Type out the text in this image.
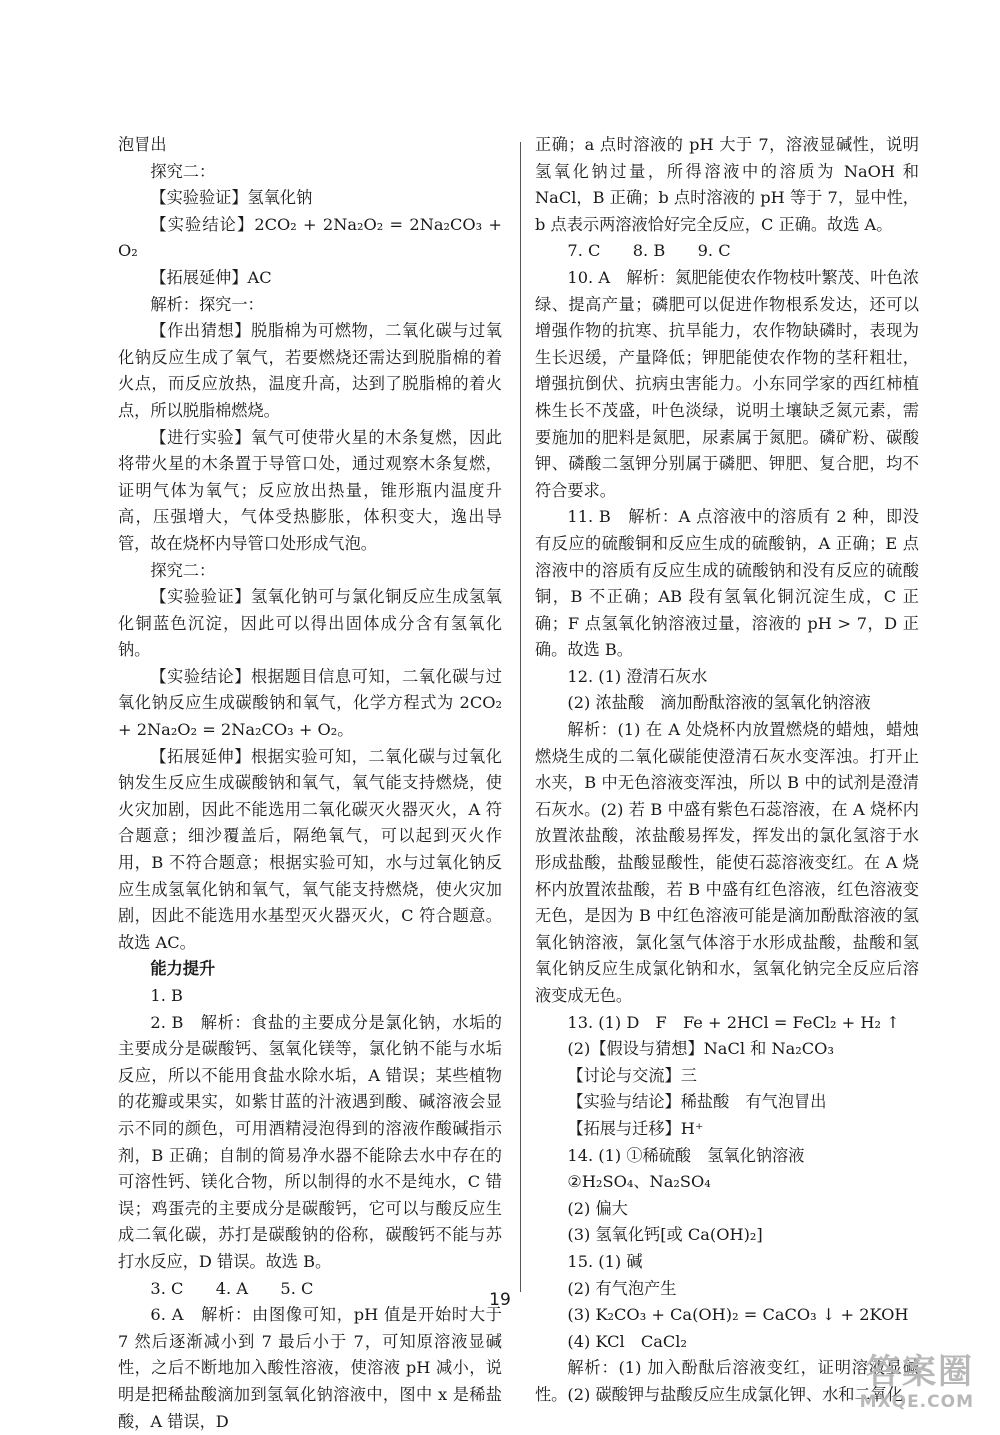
泡冒出

探究二：

【实验验证】氢氧化钠

【实验结论】2CO₂ + 2Na₂O₂ = 2Na₂CO₃ + O₂

【拓展延伸】AC

解析：探究一：

【作出猜想】脱脂棉为可燃物，二氧化碳与过氧化钠反应生成了氧气，若要燃烧还需达到脱脂棉的着火点，而反应放热，温度升高，达到了脱脂棉的着火点，所以脱脂棉燃烧。

【进行实验】氧气可使带火星的木条复燃，因此将带火星的木条置于导管口处，通过观察木条复燃，证明气体为氧气；反应放出热量，锥形瓶内温度升高，压强增大，气体受热膨胀，体积变大，逸出导管，故在烧杯内导管口处形成气泡。

探究二：

【实验验证】氢氧化钠可与氯化铜反应生成氢氧化铜蓝色沉淀，因此可以得出固体成分含有氢氧化钠。

【实验结论】根据题目信息可知，二氧化碳与过氧化钠反应生成碳酸钠和氧气，化学方程式为 2CO₂ + 2Na₂O₂ = 2Na₂CO₃ + O₂。

【拓展延伸】根据实验可知，二氧化碳与过氧化钠发生反应生成碳酸钠和氧气，氧气能支持燃烧，使火灾加剧，因此不能选用二氧化碳灭火器灭火，A 符合题意；细沙覆盖后，隔绝氧气，可以起到灭火作用，B 不符合题意；根据实验可知，水与过氧化钠反应生成氢氧化钠和氧气，氧气能支持燃烧，使火灾加剧，因此不能选用水基型灭火器灭火，C 符合题意。故选 AC。

能力提升

1. B

2. B　解析：食盐的主要成分是氯化钠，水垢的主要成分是碳酸钙、氢氧化镁等，氯化钠不能与水垢反应，所以不能用食盐水除水垢，A 错误；某些植物的花瓣或果实，如紫甘蓝的汁液遇到酸、碱溶液会显示不同的颜色，可用酒精浸泡得到的溶液作酸碱指示剂，B 正确；自制的简易净水器不能除去水中存在的可溶性钙、镁化合物，所以制得的水不是纯水，C 错误；鸡蛋壳的主要成分是碳酸钙，它可以与酸反应生成二氧化碳，苏打是碳酸钠的俗称，碳酸钙不能与苏打水反应，D 错误。故选 B。

3. C　　4. A　　5. C

6. A　解析：由图像可知，pH 值是开始时大于 7 然后逐渐减小到 7 最后小于 7，可知原溶液显碱性，之后不断地加入酸性溶液，使溶液 pH 减小，说明是把稀盐酸滴加到氢氧化钠溶液中，图中 x 是稀盐酸，A 错误，D

正确；a 点时溶液的 pH 大于 7，溶液显碱性，说明氢氧化钠过量，所得溶液中的溶质为 NaOH 和 NaCl，B 正确；b 点时溶液的 pH 等于 7，显中性，b 点表示两溶液恰好完全反应，C 正确。故选 A。

7. C　　8. B　　9. C

10. A　解析：氮肥能使农作物枝叶繁茂、叶色浓绿、提高产量；磷肥可以促进作物根系发达，还可以增强作物的抗寒、抗旱能力，农作物缺磷时，表现为生长迟缓，产量降低；钾肥能使农作物的茎秆粗壮，增强抗倒伏、抗病虫害能力。小东同学家的西红柿植株生长不茂盛，叶色淡绿，说明土壤缺乏氮元素，需要施加的肥料是氮肥，尿素属于氮肥。磷矿粉、碳酸钾、磷酸二氢钾分别属于磷肥、钾肥、复合肥，均不符合要求。

11. B　解析：A 点溶液中的溶质有 2 种，即没有反应的硫酸铜和反应生成的硫酸钠，A 正确；E 点溶液中的溶质有反应生成的硫酸钠和没有反应的硫酸铜，B 不正确；AB 段有氢氧化铜沉淀生成，C 正确；F 点氢氧化钠溶液过量，溶液的 pH > 7，D 正确。故选 B。

12. (1) 澄清石灰水

(2) 浓盐酸　滴加酚酞溶液的氢氧化钠溶液

解析：(1) 在 A 处烧杯内放置燃烧的蜡烛，蜡烛燃烧生成的二氧化碳能使澄清石灰水变浑浊。打开止水夹，B 中无色溶液变浑浊，所以 B 中的试剂是澄清石灰水。(2) 若 B 中盛有紫色石蕊溶液，在 A 烧杯内放置浓盐酸，浓盐酸易挥发，挥发出的氯化氢溶于水形成盐酸，盐酸显酸性，能使石蕊溶液变红。在 A 烧杯内放置浓盐酸，若 B 中盛有红色溶液，红色溶液变无色，是因为 B 中红色溶液可能是滴加酚酞溶液的氢氧化钠溶液，氯化氢气体溶于水形成盐酸，盐酸和氢氧化钠反应生成氯化钠和水，氢氧化钠完全反应后溶液变成无色。

13. (1) D　F　Fe + 2HCl = FeCl₂ + H₂ ↑

(2)【假设与猜想】NaCl 和 Na₂CO₃

【讨论与交流】三

【实验与结论】稀盐酸　有气泡冒出

【拓展与迁移】H⁺

14. (1) ①稀硫酸　氢氧化钠溶液

②H₂SO₄、Na₂SO₄

(2) 偏大

(3) 氢氧化钙[或 Ca(OH)₂]

15. (1) 碱

(2) 有气泡产生

(3) K₂CO₃ + Ca(OH)₂ = CaCO₃ ↓ + 2KOH

(4) KCl　CaCl₂

解析：(1) 加入酚酞后溶液变红，证明溶液显碱性。(2) 碳酸钾与盐酸反应生成氯化钾、水和二氧化

19
答案圈
MXQE.COM
